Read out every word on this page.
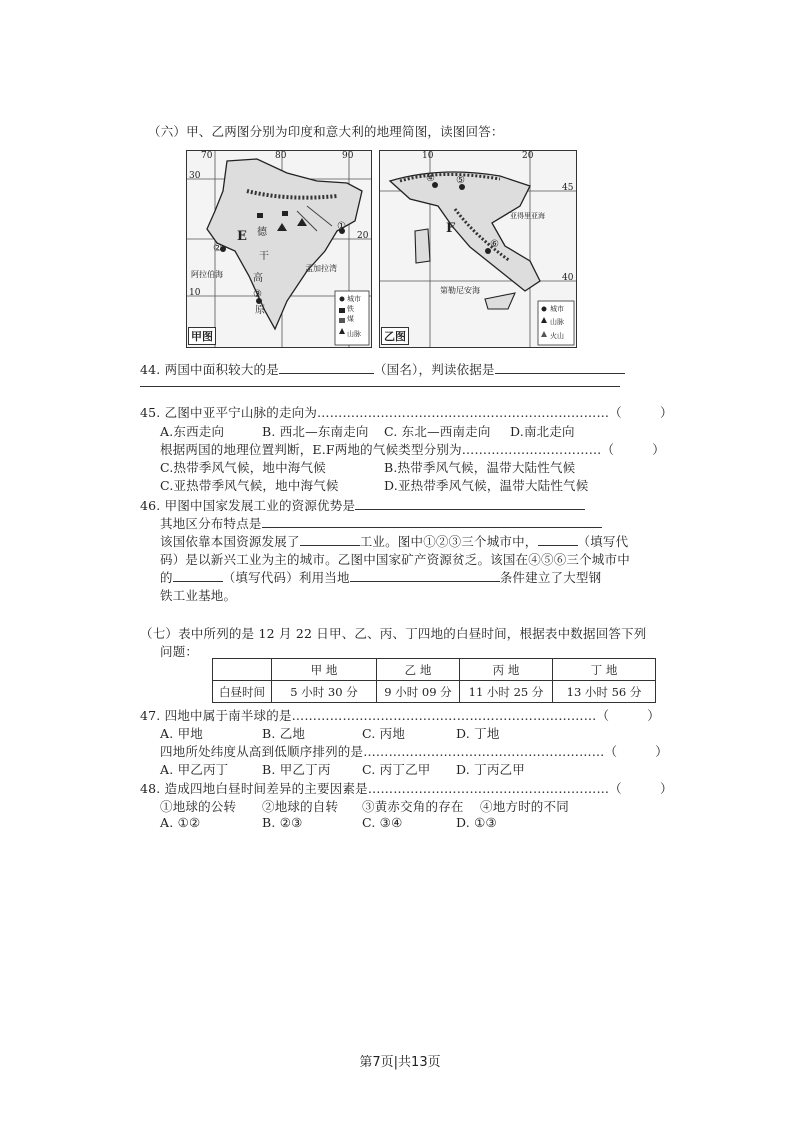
（六）甲、乙两图分别为印度和意大利的地理简图，读图回答：
70	80	90
30
20
10
E 德
干
高
原
阿拉伯海
孟加拉湾
①
②
③	城市
铁
煤
山脉
甲图
10	20
45
40
F
亚得里亚海
第勒尼安海
④ ⑤
⑥
城市
山脉
火山
乙图
44. 两国中面积较大的是	（国名），判读依据是
45. 乙图中亚平宁山脉的走向为……………………………………………………………（　　　）
A.东西走向	B. 西北—东南走向 C. 东北—西南走向 D.南北走向
根据两国的地理位置判断，E.F两地的气候类型分别为……………………………（　　　）
C.热带季风气候，地中海气候	B.热带季风气候，温带大陆性气候
C.亚热带季风气候，地中海气候	D.亚热带季风气候，温带大陆性气候
46. 甲图中国家发展工业的资源优势是
其地区分布特点是
该国依靠本国资源发展了	工业。图中①②③三个城市中，	（填写代
码）是以新兴工业为主的城市。乙图中国家矿产资源贫乏。该国在④⑤⑥三个城市中
的	（填写代码）利用当地	条件建立了大型钢
铁工业基地。
（七）表中所列的是 12 月 22 日甲、乙、丙、丁四地的白昼时间，根据表中数据回答下列
问题：
	甲 地	乙 地	丙 地	丁 地
白昼时间	5 小时 30 分	9 小时 09 分	11 小时 25 分	13 小时 56 分
47. 四地中属于南半球的是………………………………………………………………（　　　）
A. 甲地	B. 乙地	C. 丙地	D. 丁地
四地所处纬度从高到低顺序排列的是…………………………………………………（　　　）
A. 甲乙丙丁	B. 甲乙丁丙	C. 丙丁乙甲 D. 丁丙乙甲
48. 造成四地白昼时间差异的主要因素是…………………………………………………（　　　）
①地球的公转 ②地球的自转 ③黄赤交角的存在 ④地方时的不同
A. ①②	B. ②③	C. ③④	D. ①③
第7页|共13页
